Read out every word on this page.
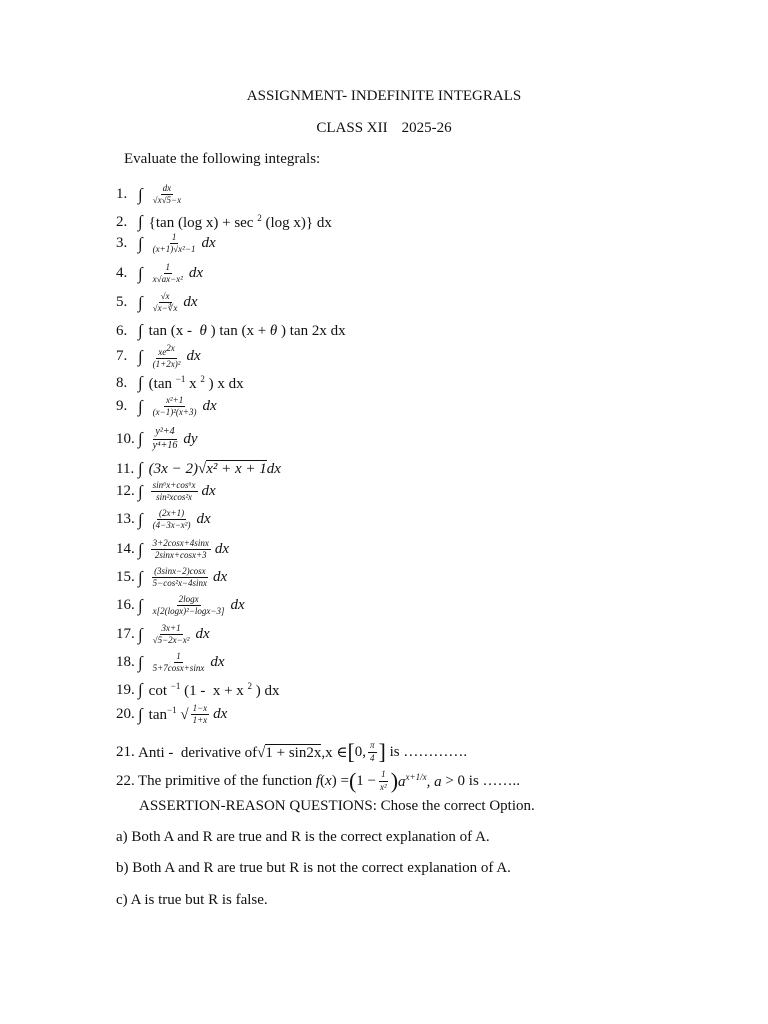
ASSIGNMENT- INDEFINITE INTEGRALS
CLASS XII 2025-26
Evaluate the following integrals:
1. ∫ $\frac{dx}{√x√5-x}$
2. ∫ {tan (log x) + sec $^2$ (log x)} dx
3. ∫ $\frac{1}{\text{(x+1)√x²−1}}$ dx
4. ∫ $\frac{1}{\text{x√ax−x²}}$ dx
5. ∫ $\frac{√x}{√x-∛x}$ dx
6. ∫ tan (x -  θ ) tan (x + θ ) tan 2x dx
7. ∫ $\frac{xe^{2x}}{\text{(1+2x)²}}$ dx
8. ∫ (tan $^{-1}$ x $^2$ ) x dx
9. ∫ $\frac{\text{x²+1}}{\text{(x−1)²(x+3)}}$ dx
10. ∫ $\frac{\text{y²+4}}{\text{y⁴+16}}$ dy
11. ∫ (3x − 2)√x² + x + 1dx
12. ∫ $\frac{\text{sin⁶x+cos⁶x}}{\text{sin²xcos²x}}$ dx
13. ∫ $\frac{(2x+1)}{\text{(4−3x−x²)}}$ dx
14. ∫ $\frac{3+2\cos x+4\sin x}{2\sin x+\cos x+3}$ dx
15. ∫ $\frac{(3\sin x-2)\cos x}{\text{5−cos²x−4sinx}}$ dx
16. ∫ $\frac{2\log x}{\text{x[2(logx)²−logx−3]}}$ dx
17. ∫ $\frac{3x+1}{\text{√5−2x−x²}}$ dx
18. ∫ $\frac{1}{5+7\cos x+\sin x}$ dx
19. ∫ cot $^{-1}$ (1 -  x + x $^2$ ) dx
20. ∫ $\tan^{-1}$ √ $\frac{1-x}{1+x}$ dx
21. Anti -  derivative of√1 + sin2x,x ∈ [ 0, $\frac{\pi}{4}$ ] is ………….
22. The primitive of the function f(x) = ( $1 - \frac{1}{\text{x²}}$ ) $a^{x+1/x}$, a > 0 is ……..
ASSERTION-REASON QUESTIONS: Chose the correct Option.
a) Both A and R are true and R is the correct explanation of A.
b) Both A and R are true but R is not the correct explanation of A.
c) A is true but R is false.
